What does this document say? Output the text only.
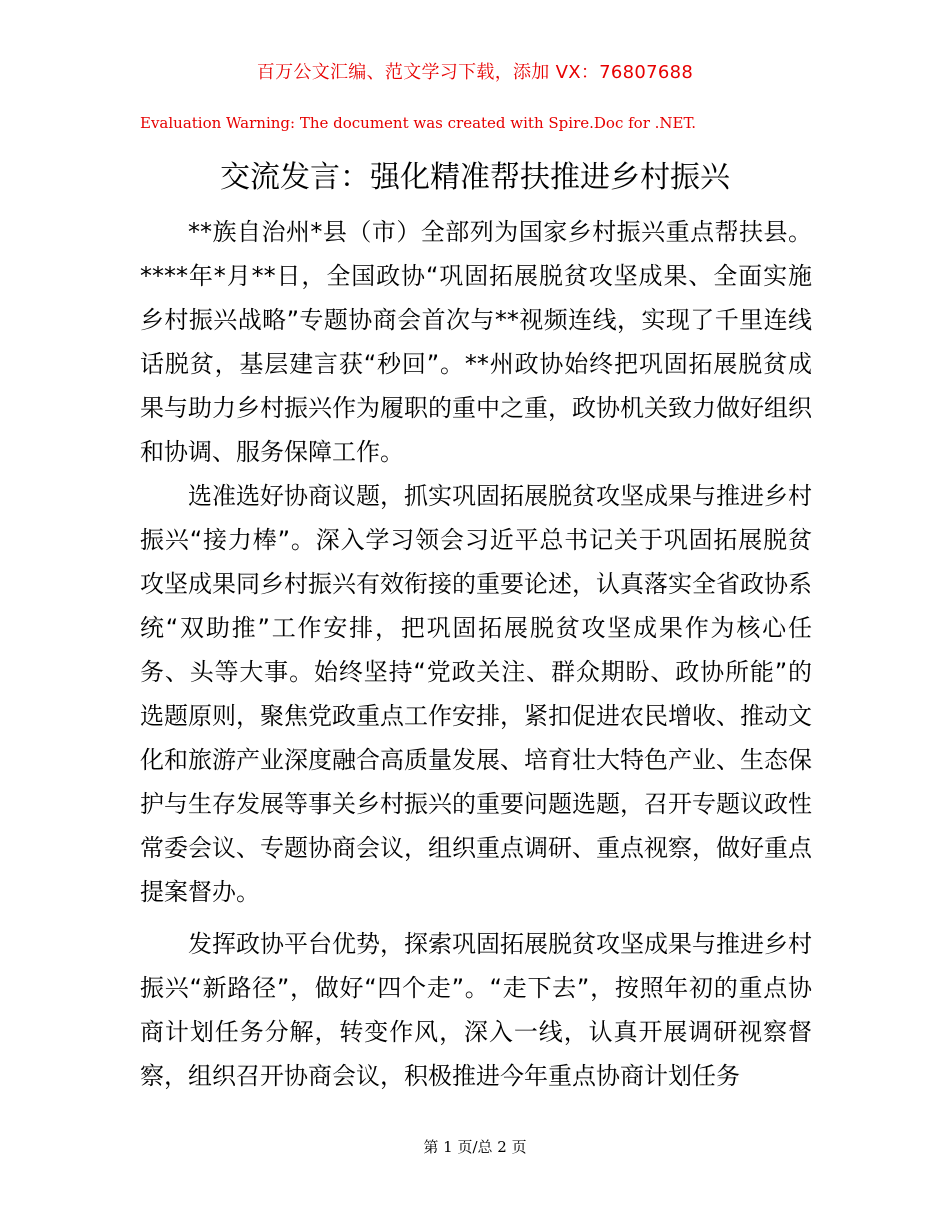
百万公文汇编、范文学习下载，添加 VX：76807688
Evaluation Warning: The document was created with Spire.Doc for .NET.
交流发言：强化精准帮扶推进乡村振兴

**族自治州*县（市）全部列为国家乡村振兴重点帮扶县。****年*月**日，全国政协“巩固拓展脱贫攻坚成果、全面实施乡村振兴战略”专题协商会首次与**视频连线，实现了千里连线话脱贫，基层建言获“秒回”。**州政协始终把巩固拓展脱贫成果与助力乡村振兴作为履职的重中之重，政协机关致力做好组织和协调、服务保障工作。

选准选好协商议题，抓实巩固拓展脱贫攻坚成果与推进乡村振兴“接力棒”。深入学习领会习近平总书记关于巩固拓展脱贫攻坚成果同乡村振兴有效衔接的重要论述，认真落实全省政协系统“双助推”工作安排，把巩固拓展脱贫攻坚成果作为核心任务、头等大事。始终坚持“党政关注、群众期盼、政协所能”的选题原则，聚焦党政重点工作安排，紧扣促进农民增收、推动文化和旅游产业深度融合高质量发展、培育壮大特色产业、生态保护与生存发展等事关乡村振兴的重要问题选题，召开专题议政性常委会议、专题协商会议，组织重点调研、重点视察，做好重点提案督办。

发挥政协平台优势，探索巩固拓展脱贫攻坚成果与推进乡村振兴“新路径”，做好“四个走”。“走下去”，按照年初的重点协商计划任务分解，转变作风，深入一线，认真开展调研视察督察，组织召开协商会议，积极推进今年重点协商计划任务

第 1 页/总 2 页
